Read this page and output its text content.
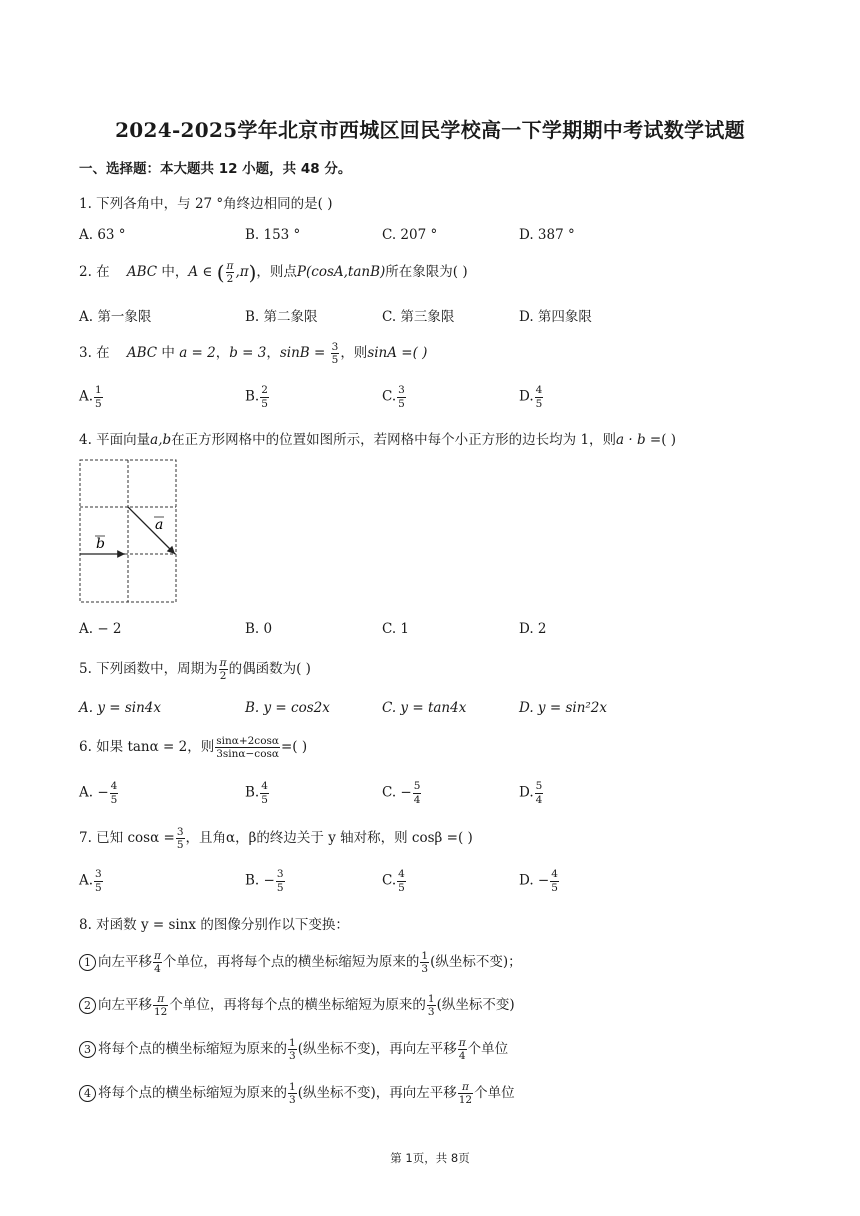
2024-2025学年北京市西城区回民学校高一下学期期中考试数学试题
一、选择题：本大题共 12 小题，共 48 分。
1. 下列各角中，与 27 °角终边相同的是( )
A. 63 °	B. 153 °	C. 207 °	D. 387 °
2. 在 ABC 中，A ∈ ( $\frac{\pi}{2} ,\pi$)，则点P(cosA,tanB)所在象限为( )
A. 第一象限	B. 第二象限	C. 第三象限	D. 第四象限
3. 在 ABC 中 a = 2，b = 3，$\sin B = \frac{3}{5}$ ，则sinA =( )
A. $\frac{1}{5}$	B. $\frac{2}{5}$	C. $\frac{3}{5}$	D. $\frac{4}{5}$
4. 平面向量a,b在正方形网格中的位置如图所示，若网格中每个小正方形的边长均为 1，则a · b =( )
a
b
A. − 2	B. 0	C. 1	D. 2
5. 下列函数中，周期为 $\frac{\pi}{2}$ 的偶函数为( )
A. y = sin4x	B. y = cos2x	C. y = tan4x	D. y = sin²2x
6. 如果 tanα = 2，则 $\frac{\sin\alpha+2\cos\alpha}{3\sin\alpha-\cos\alpha}$ =( )
A. − $\frac{4}{5}$	B. $\frac{4}{5}$	C. − $\frac{5}{4}$	D. $\frac{5}{4}$
7. 已知 $\cos\alpha = \frac{3}{5}$ ，且角α，β的终边关于 y 轴对称，则 cosβ =( )
A. $\frac{3}{5}$	B. − $\frac{3}{5}$	C. $\frac{4}{5}$	D. − $\frac{4}{5}$
8. 对函数 y = sinx 的图像分别作以下变换：
1 向左平移 $\frac{\pi}{4}$ 个单位，再将每个点的横坐标缩短为原来的 $\frac{1}{3}$ (纵坐标不变)；
2 向左平移 $\frac{\pi}{12}$ 个单位，再将每个点的横坐标缩短为原来的 $\frac{1}{3}$ (纵坐标不变)
3 将每个点的横坐标缩短为原来的 $\frac{1}{3}$ (纵坐标不变)，再向左平移 $\frac{\pi}{4}$ 个单位
4 将每个点的横坐标缩短为原来的 $\frac{1}{3}$ (纵坐标不变)，再向左平移 $\frac{\pi}{12}$ 个单位
第 1页，共 8页
